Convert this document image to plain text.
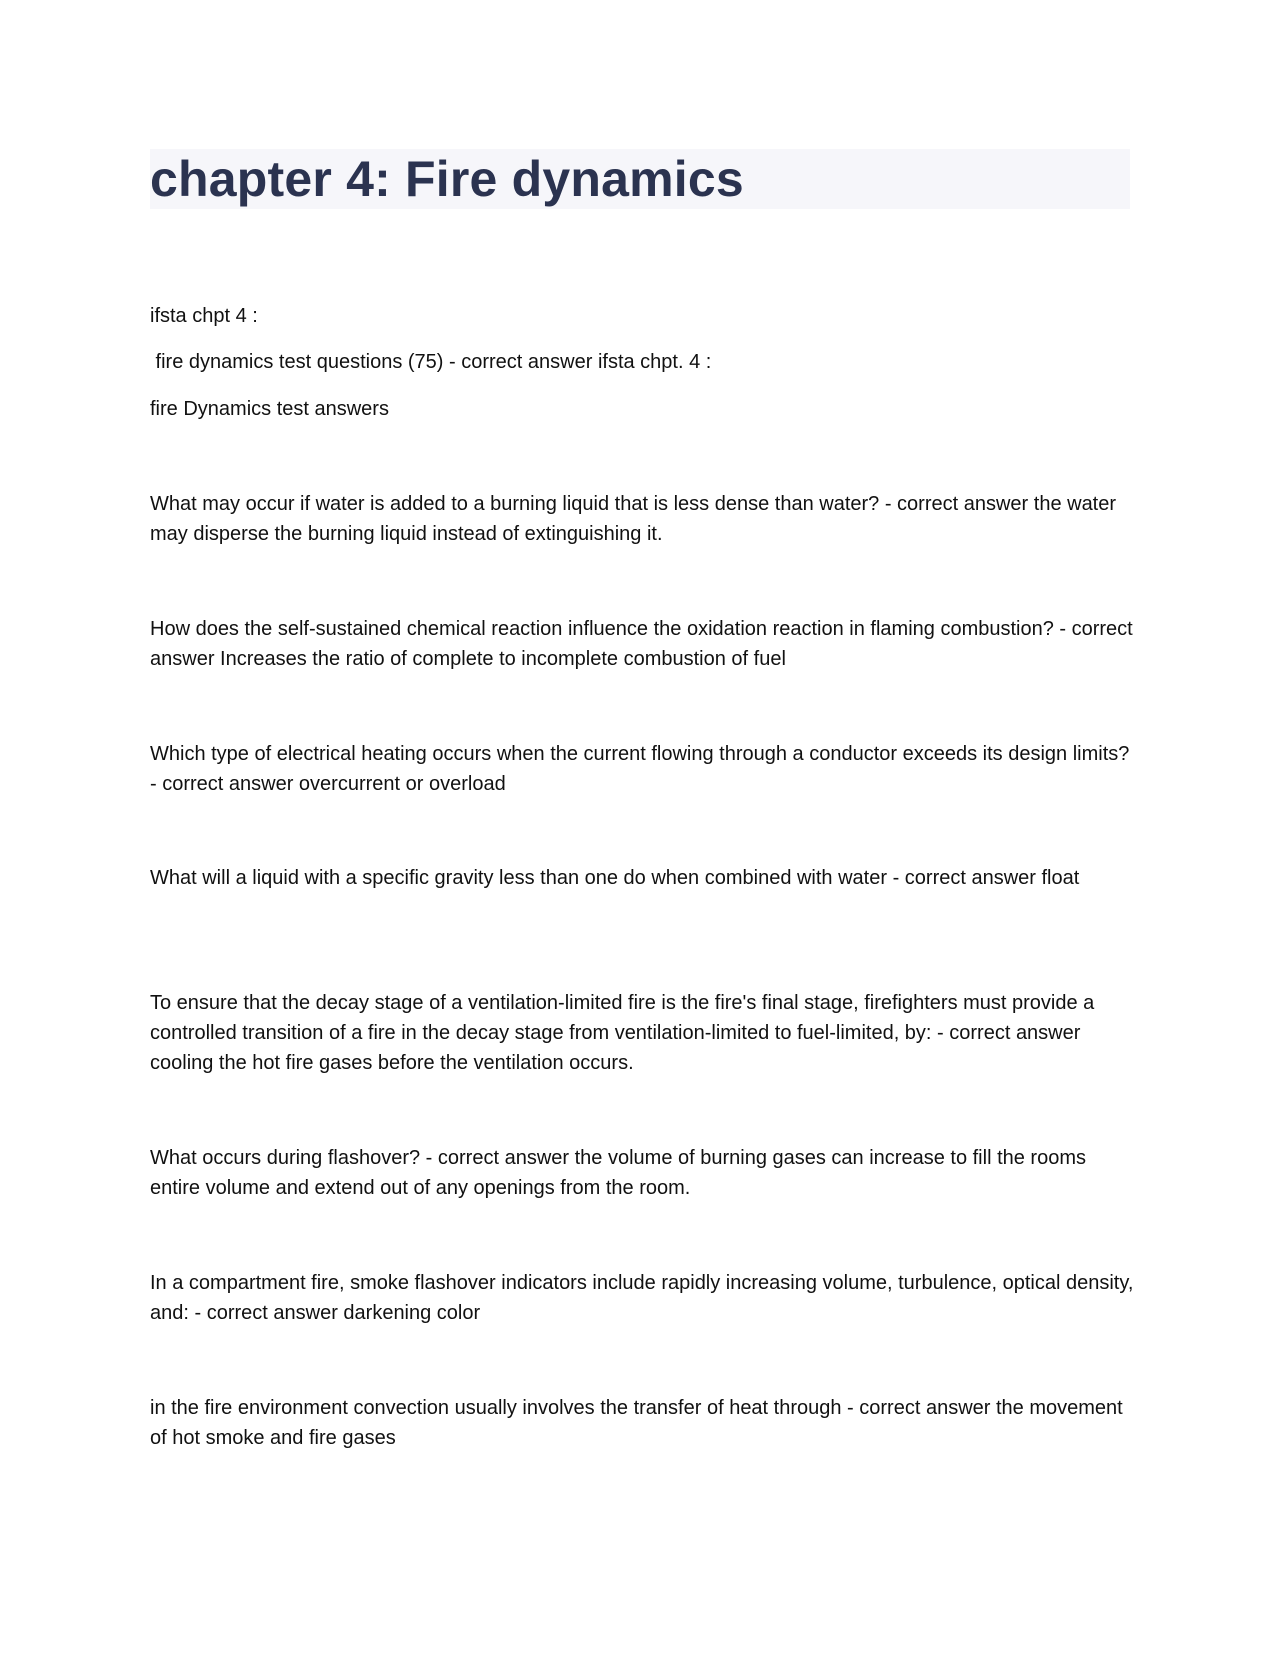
chapter 4: Fire dynamics

ifsta chpt 4 :

fire dynamics test questions (75) - correct answer ifsta chpt. 4 :

fire Dynamics test answers

What may occur if water is added to a burning liquid that is less dense than water? - correct answer the water may disperse the burning liquid instead of extinguishing it.

How does the self-sustained chemical reaction influence the oxidation reaction in flaming combustion? - correct answer Increases the ratio of complete to incomplete combustion of fuel

Which type of electrical heating occurs when the current flowing through a conductor exceeds its design limits? - correct answer overcurrent or overload

What will a liquid with a specific gravity less than one do when combined with water - correct answer float

To ensure that the decay stage of a ventilation-limited fire is the fire's final stage, firefighters must provide a controlled transition of a fire in the decay stage from ventilation-limited to fuel-limited, by: - correct answer cooling the hot fire gases before the ventilation occurs.

What occurs during flashover? - correct answer the volume of burning gases can increase to fill the rooms entire volume and extend out of any openings from the room.

In a compartment fire, smoke flashover indicators include rapidly increasing volume, turbulence, optical density, and: - correct answer darkening color

in the fire environment convection usually involves the transfer of heat through - correct answer the movement of hot smoke and fire gases
